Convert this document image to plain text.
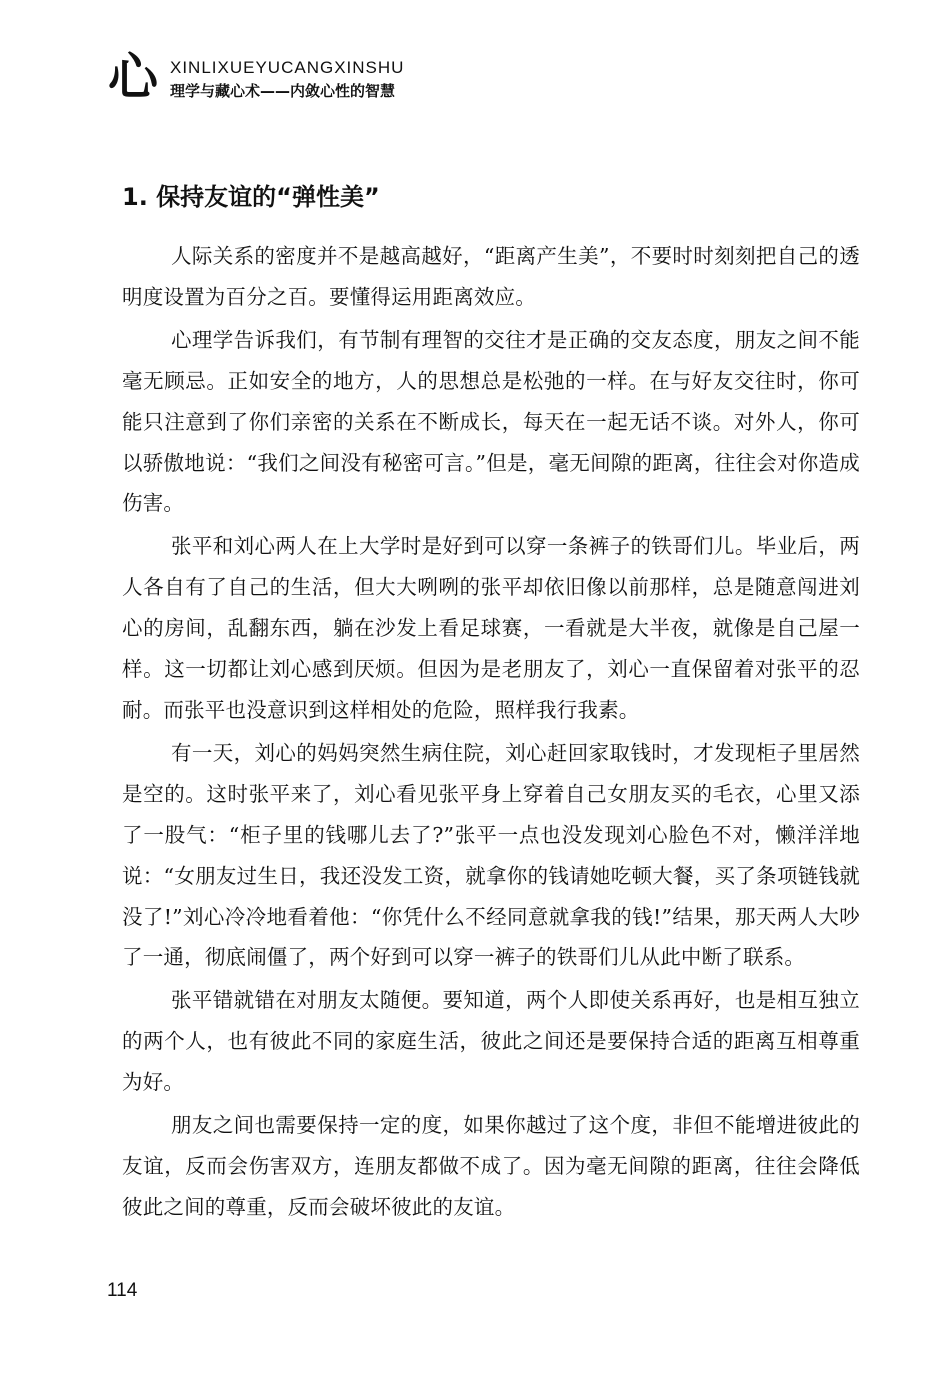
心 XINLIXUEYUCANGXINSHU
理学与藏心术——内敛心性的智慧
1. 保持友谊的“弹性美”

人际关系的密度并不是越高越好，“距离产生美”，不要时时刻刻把自己的透明度设置为百分之百。要懂得运用距离效应。

心理学告诉我们，有节制有理智的交往才是正确的交友态度，朋友之间不能毫无顾忌。正如安全的地方，人的思想总是松弛的一样。在与好友交往时，你可能只注意到了你们亲密的关系在不断成长，每天在一起无话不谈。对外人，你可以骄傲地说：“我们之间没有秘密可言。”但是，毫无间隙的距离，往往会对你造成伤害。

张平和刘心两人在上大学时是好到可以穿一条裤子的铁哥们儿。毕业后，两人各自有了自己的生活，但大大咧咧的张平却依旧像以前那样，总是随意闯进刘心的房间，乱翻东西，躺在沙发上看足球赛，一看就是大半夜，就像是自己屋一样。这一切都让刘心感到厌烦。但因为是老朋友了，刘心一直保留着对张平的忍耐。而张平也没意识到这样相处的危险，照样我行我素。

有一天，刘心的妈妈突然生病住院，刘心赶回家取钱时，才发现柜子里居然是空的。这时张平来了，刘心看见张平身上穿着自己女朋友买的毛衣，心里又添了一股气：“柜子里的钱哪儿去了?”张平一点也没发现刘心脸色不对，懒洋洋地说：“女朋友过生日，我还没发工资，就拿你的钱请她吃顿大餐，买了条项链钱就没了!”刘心冷冷地看着他：“你凭什么不经同意就拿我的钱!”结果，那天两人大吵了一通，彻底闹僵了，两个好到可以穿一裤子的铁哥们儿从此中断了联系。

张平错就错在对朋友太随便。要知道，两个人即使关系再好，也是相互独立的两个人，也有彼此不同的家庭生活，彼此之间还是要保持合适的距离互相尊重为好。

朋友之间也需要保持一定的度，如果你越过了这个度，非但不能增进彼此的友谊，反而会伤害双方，连朋友都做不成了。因为毫无间隙的距离，往往会降低彼此之间的尊重，反而会破坏彼此的友谊。

114
